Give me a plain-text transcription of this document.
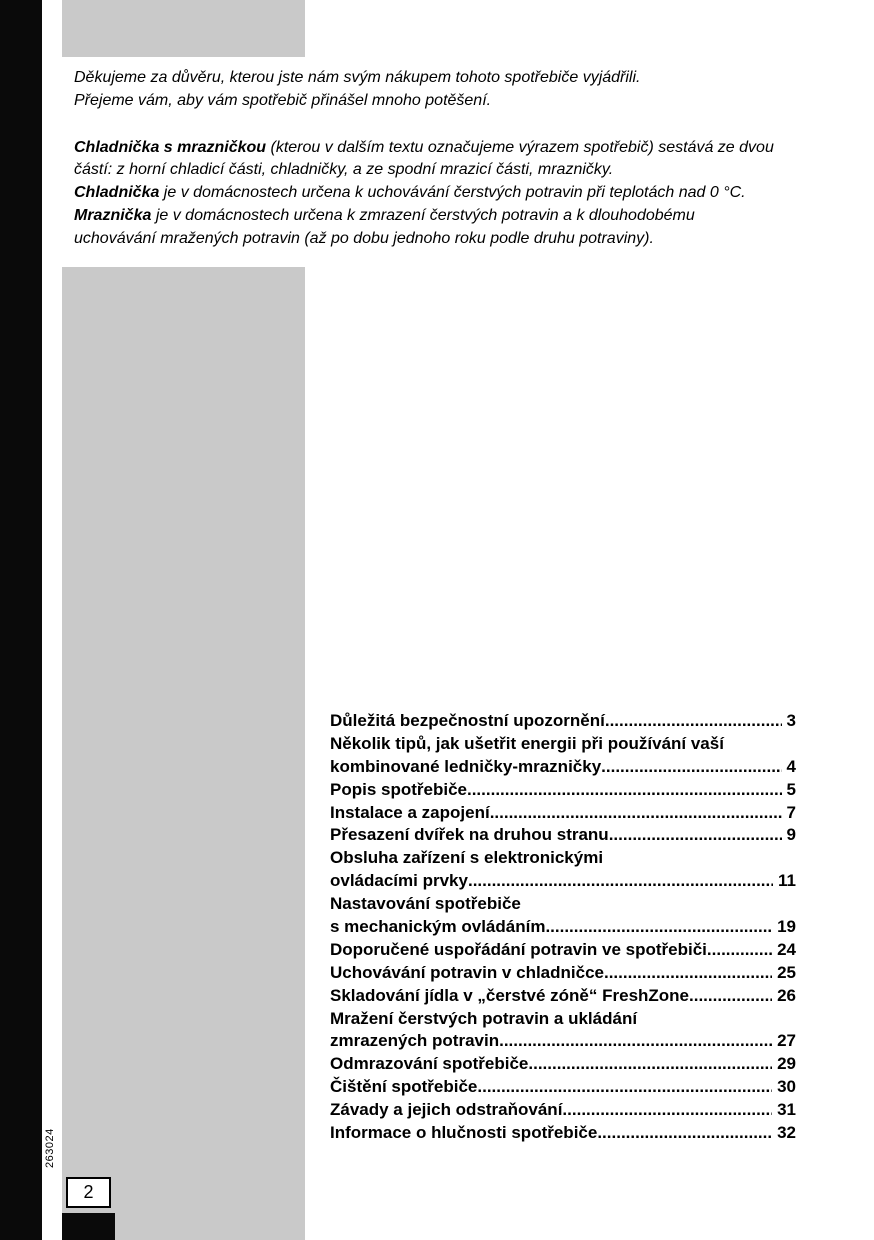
Děkujeme za důvěru, kterou jste nám svým nákupem tohoto spotřebiče vyjádřili.
Přejeme vám, aby vám spotřebič přinášel mnoho potěšení.

Chladnička s mrazničkou (kterou v dalším textu označujeme výrazem spotřebič) sestává ze dvou
částí: z horní chladicí části, chladničky, a ze spodní mrazicí části, mrazničky.
Chladnička je v domácnostech určena k uchovávání čerstvých potravin při teplotách nad 0 °C.
Mraznička je v domácnostech určena k zmrazení čerstvých potravin a k dlouhodobému
uchovávání mražených potravin (až po dobu jednoho roku podle druhu potraviny).

Důležitá bezpečnostní upozornění .....	3
Několik tipů, jak ušetřit energii při používání vaší
kombinované ledničky-mrazničky .....	4
Popis spotřebiče .....	5
Instalace a zapojení .....	7
Přesazení dvířek na druhou stranu .....	9
Obsluha zařízení s elektronickými
ovládacími prvky .....	11
Nastavování spotřebiče
s mechanickým ovládáním .....	19
Doporučené uspořádání potravin ve spotřebiči .....	24
Uchovávání potravin v chladničce .....	25
Skladování jídla v „čerstvé zóně“ FreshZone .....	26
Mražení čerstvých potravin a ukládání
zmrazených potravin .....	27
Odmrazování spotřebiče .....	29
Čištění spotřebiče .....	30
Závady a jejich odstraňování .....	31
Informace o hlučnosti spotřebiče .....	32
263024
2
